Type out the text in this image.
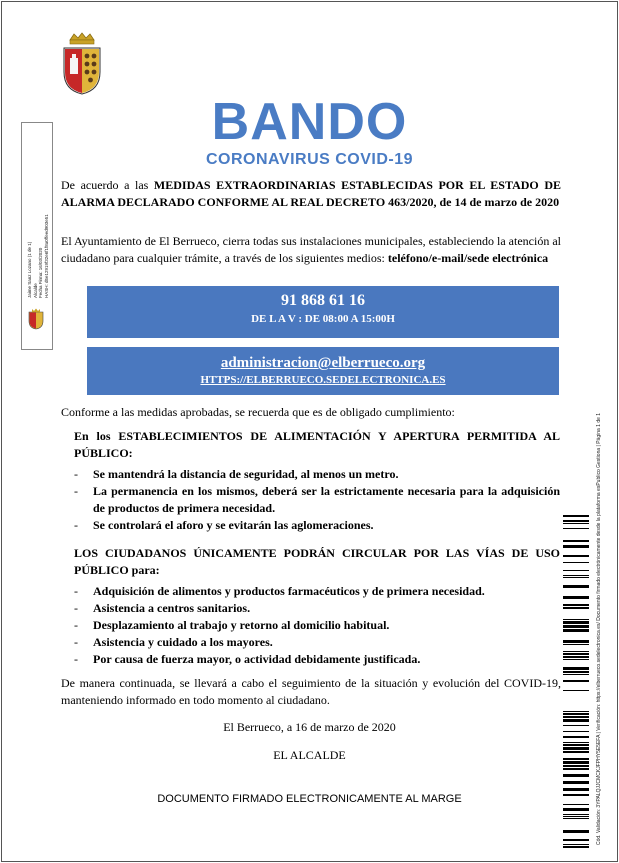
BANDO
CORONAVIRUS COVID-19
De acuerdo a las MEDIDAS EXTRAORDINARIAS ESTABLECIDAS POR EL ESTADO DE ALARMA DECLARADO CONFORME AL REAL DECRETO 463/2020, de 14 de marzo de 2020
El Ayuntamiento de El Berrueco, cierra todas sus instalaciones municipales, estableciendo la atención al ciudadano para cualquier trámite, a través de los siguientes medios: teléfono/e-mail/sede electrónica
91 868 61 16
DE L A V : DE 08:00 A 15:00H
administracion@elberrueco.org
HTTPS://ELBERRUECO.SEDELECTRONICA.ES
Conforme a las medidas aprobadas, se recuerda que es de obligado cumplimiento:
En los ESTABLECIMIENTOS DE ALIMENTACIÓN Y APERTURA PERMITIDA AL PÚBLICO:
- Se mantendrá la distancia de seguridad, al menos un metro.
- La permanencia en los mismos, deberá ser la estrictamente necesaria para la adquisición de productos de primera necesidad.
- Se controlará el aforo y se evitarán las aglomeraciones.
LOS CIUDADANOS ÚNICAMENTE PODRÁN CIRCULAR POR LAS VÍAS DE USO PÚBLICO para:
- Adquisición de alimentos y productos farmacéuticos y de primera necesidad.
- Asistencia a centros sanitarios.
- Desplazamiento al trabajo y retorno al domicilio habitual.
- Asistencia y cuidado a los mayores.
- Por causa de fuerza mayor, o actividad debidamente justificada.
De manera continuada, se llevará a cabo el seguimiento de la situación y evolución del COVID-19, manteniendo informado en todo momento al ciudadano.
El Berrueco, a 16 de marzo de 2020
EL ALCALDE
DOCUMENTO FIRMADO ELECTRONICAMENTE AL MARGE
Jaime Sanz Lozano (1 de 1)
Alcalde
Fecha Firma: 16/03/2020
HASH: d5e12919f32e6f1f8a0ffeed903e51
Cód. Validación: 3YPALQJJCMCKJFPHY5E5EFA | Verificación: https://elberrueco.sedelectronica.es/ Documento firmado electrónicamente desde la plataforma esPublico Gestiona | Página 1 de 1
